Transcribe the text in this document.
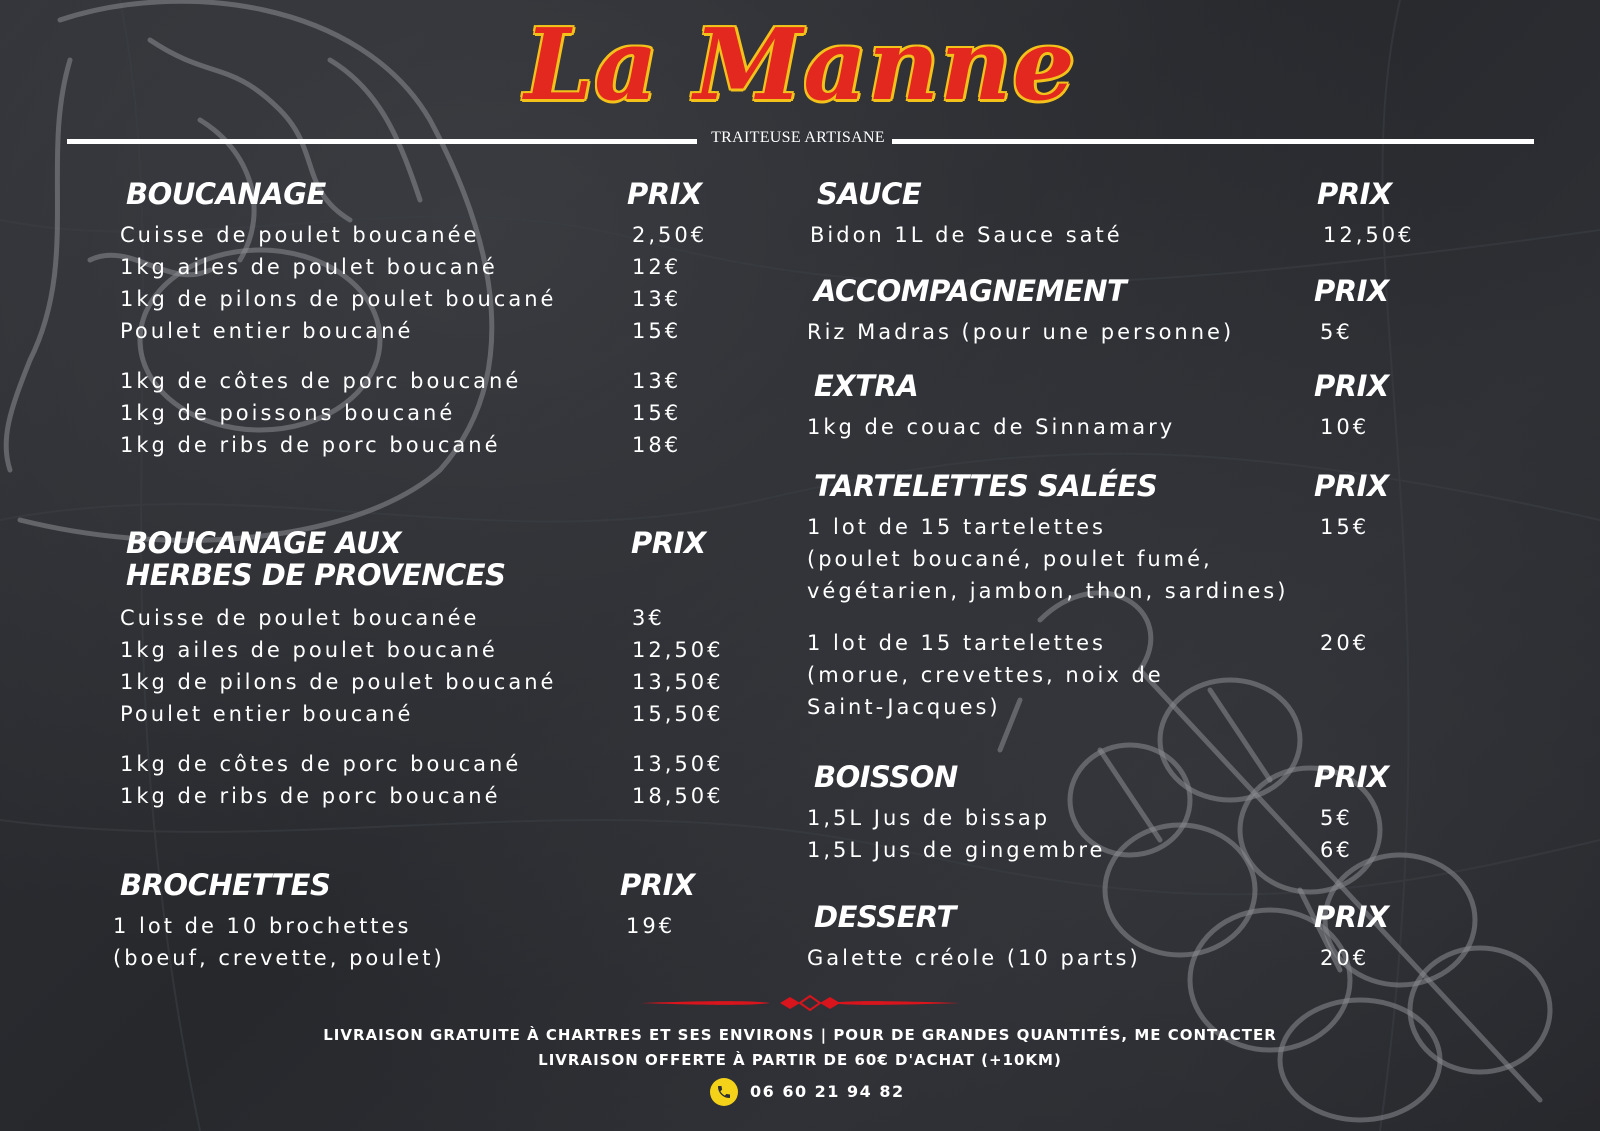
La Manne
TRAITEUSE ARTISANE
BOUCANAGE	PRIX
Cuisse de poulet boucanée	2,50€
1kg ailes de poulet boucané	12€
1kg de pilons de poulet boucané	13€
Poulet entier boucané	15€
1kg de côtes de porc boucané	13€
1kg de poissons boucané	15€
1kg de ribs de porc boucané	18€
BOUCANAGE AUX
HERBES DE PROVENCES
PRIX
Cuisse de poulet boucanée	3€
1kg ailes de poulet boucané	12,50€
1kg de pilons de poulet boucané	13,50€
Poulet entier boucané	15,50€
1kg de côtes de porc boucané	13,50€
1kg de ribs de porc boucané	18,50€
BROCHETTES	PRIX
1 lot de 10 brochettes
(boeuf, crevette, poulet)
19€
SAUCE	PRIX
Bidon 1L de Sauce saté	12,50€
ACCOMPAGNEMENT	PRIX
Riz Madras (pour une personne)	5€
EXTRA	PRIX
1kg de couac de Sinnamary	10€
TARTELETTES SALÉES	PRIX
1 lot de 15 tartelettes
(poulet boucané, poulet fumé,
végétarien, jambon, thon, sardines)
15€
1 lot de 15 tartelettes
(morue, crevettes, noix de
Saint-Jacques)
20€
BOISSON	PRIX
1,5L Jus de bissap	5€
1,5L Jus de gingembre	6€
DESSERT	PRIX
Galette créole (10 parts)	20€
LIVRAISON GRATUITE À CHARTRES ET SES ENVIRONS | POUR DE GRANDES QUANTITÉS, ME CONTACTER
LIVRAISON OFFERTE À PARTIR DE 60€ D'ACHAT (+10KM)
06 60 21 94 82
